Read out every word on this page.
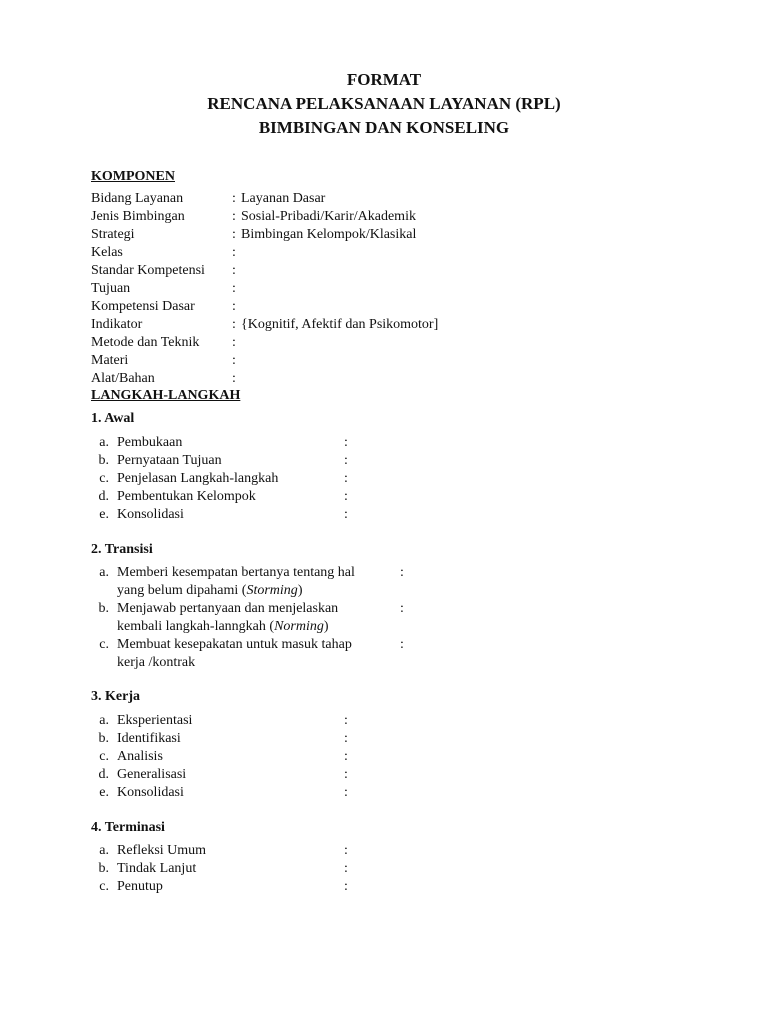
FORMAT
RENCANA PELAKSANAAN LAYANAN (RPL)
BIMBINGAN DAN KONSELING
KOMPONEN
Bidang Layanan	: Layanan Dasar
Jenis Bimbingan	: Sosial-Pribadi/Karir/Akademik
Strategi	: Bimbingan Kelompok/Klasikal
Kelas	:
Standar Kompetensi :
Tujuan	:
Kompetensi Dasar	:
Indikator	: {Kognitif, Afektif dan Psikomotor]
Metode dan Teknik :
Materi	:
Alat/Bahan	:
LANGKAH-LANGKAH
1. Awal
a. Pembukaan	:
b. Pernyataan Tujuan	:
c. Penjelasan Langkah-langkah	:
d. Pembentukan Kelompok	:
e. Konsolidasi	:
2. Transisi
a. Memberi kesempatan bertanya tentang hal
yang belum dipahami (Storming)
:
b. Menjawab pertanyaan dan menjelaskan
kembali langkah-lanngkah (Norming)
:
c. Membuat kesepakatan untuk masuk tahap
kerja /kontrak
:
3. Kerja
a. Eksperientasi	:
b. Identifikasi	:
c. Analisis	:
d. Generalisasi	:
e. Konsolidasi	:
4. Terminasi
a. Refleksi Umum	:
b. Tindak Lanjut	:
c. Penutup	:
